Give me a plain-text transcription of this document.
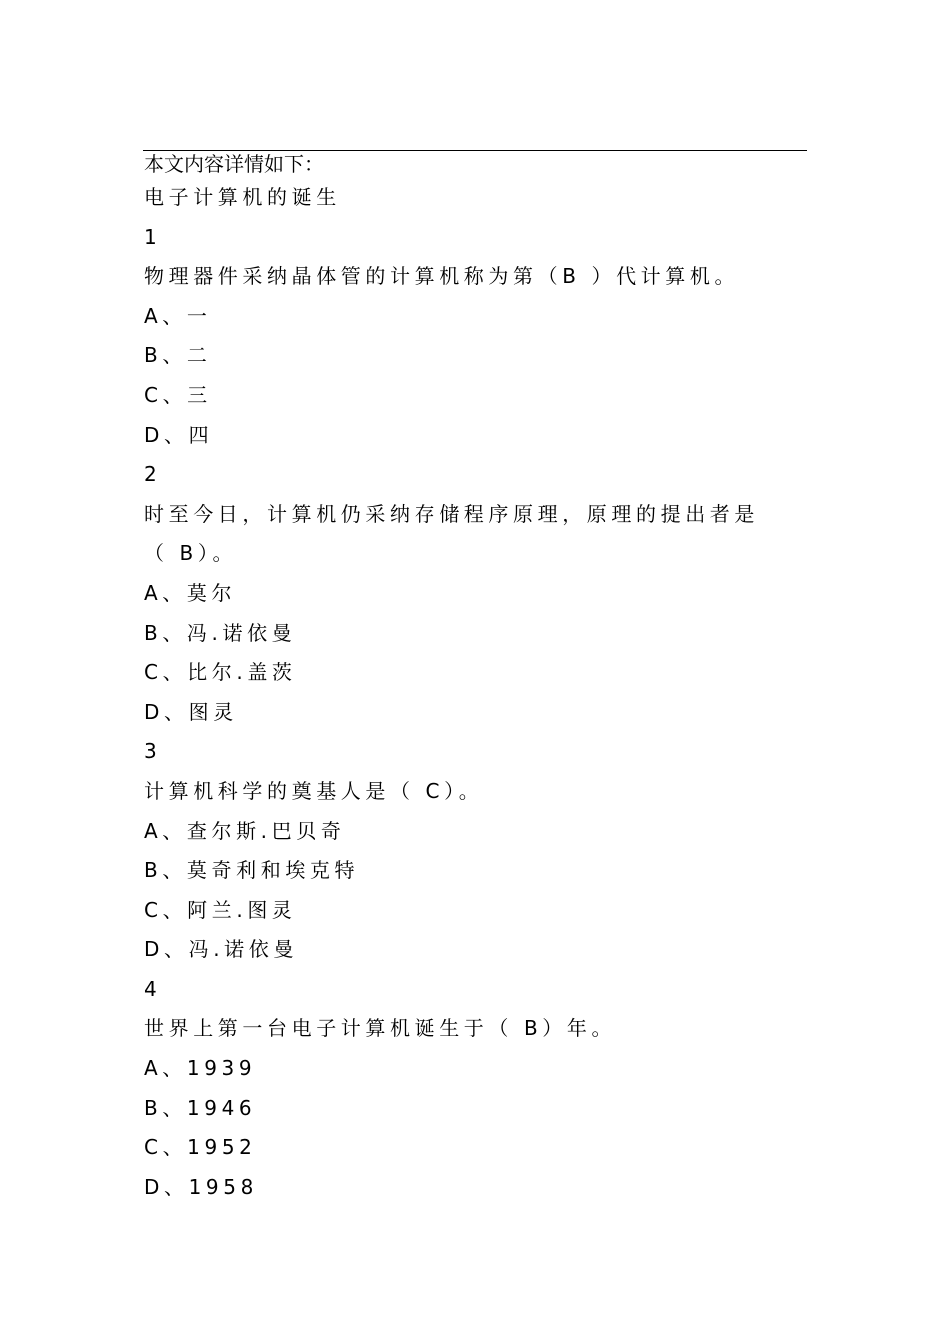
本文内容详情如下：
电子计算机的诞生
1
物理器件采纳晶体管的计算机称为第（B ）代计算机。
A、一
B、二
C、三
D、四
2
时至今日，计算机仍采纳存储程序原理，原理的提出者是
（ B）。
A、莫尔
B、冯.诺依曼
C、比尔.盖茨
D、图灵
3
计算机科学的奠基人是（ C）。
A、查尔斯.巴贝奇
B、莫奇利和埃克特
C、阿兰.图灵
D、冯.诺依曼
4
世界上第一台电子计算机诞生于（ B）年。
A、1939
B、1946
C、1952
D、1958
